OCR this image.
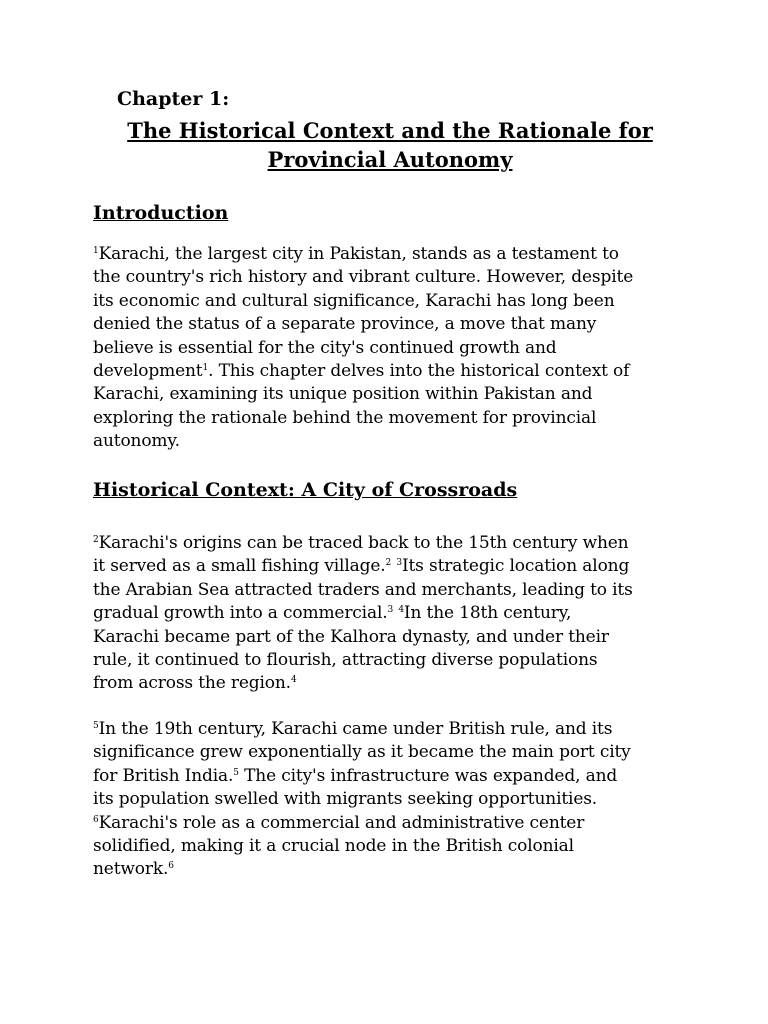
Chapter 1:
The Historical Context and the Rationale for
Provincial Autonomy
Introduction

$^1$Karachi, the largest city in Pakistan, stands as a testament to
the country's rich history and vibrant culture. However, despite
its economic and cultural significance, Karachi has long been
denied the status of a separate province, a move that many
believe is essential for the city's continued growth and
development$^1$. This chapter delves into the historical context of
Karachi, examining its unique position within Pakistan and
exploring the rationale behind the movement for provincial
autonomy.

Historical Context: A City of Crossroads

$^2$Karachi's origins can be traced back to the 15th century when
it served as a small fishing village.$^2$ $^3$Its strategic location along
the Arabian Sea attracted traders and merchants, leading to its
gradual growth into a commercial.$^3$ $^4$In the 18th century,
Karachi became part of the Kalhora dynasty, and under their
rule, it continued to flourish, attracting diverse populations
from across the region.$^4$

$^5$In the 19th century, Karachi came under British rule, and its
significance grew exponentially as it became the main port city
for British India.$^5$ The city's infrastructure was expanded, and
its population swelled with migrants seeking opportunities.
$^6$Karachi's role as a commercial and administrative center
solidified, making it a crucial node in the British colonial
network.$^6$
